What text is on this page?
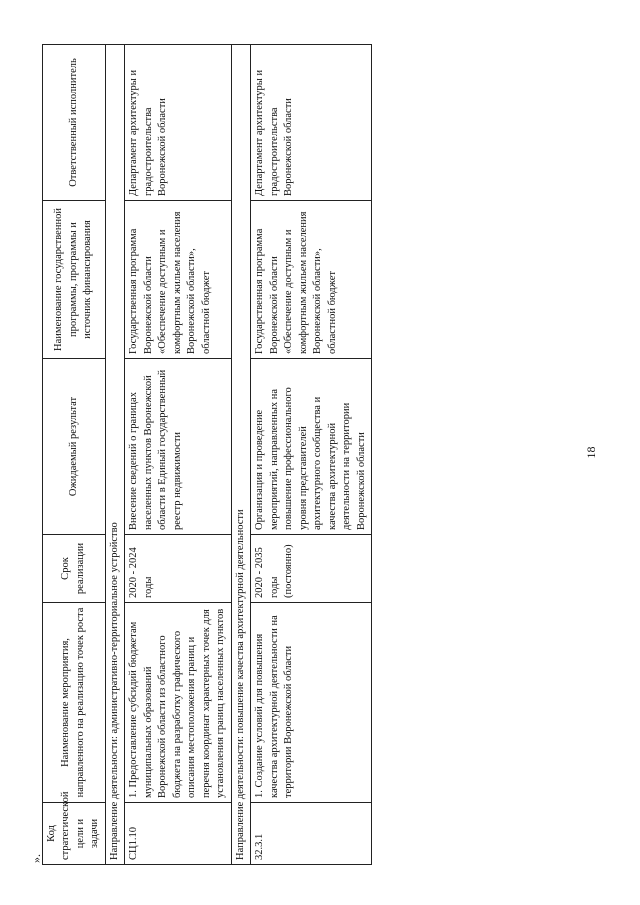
».
Код стратегической цели и задачи	Наименование мероприятия, направленного на реализацию точек роста	Срок реализации	Ожидаемый результат	Наименование государственной программы, программы и источник финансирования	Ответственный исполнитель
Направление деятельности: административно-территориальное устройство					
СЦ1.10	1. Предоставление субсидий бюджетам муниципальных образований Воронежской области из областного бюджета на разработку графического описания местоположения границ и перечня координат характерных точек для установления границ населенных пунктов	2020 - 2024 годы	Внесение сведений о границах населенных пунктов Воронежской области в Единый государственный реестр недвижимости	Государственная программа Воронежской области «Обеспечение доступным и комфортным жильем населения Воронежской области», областной бюджет	Департамент архитектуры и градостроительства Воронежской области
Направление деятельности: повышение качества архитектурной деятельности					
32.3.1	1. Создание условий для повышения качества архитектурной деятельности на территории Воронежской области	2020 - 2035 годы (постоянно)	Организация и проведение мероприятий, направленных на повышение профессионального уровня представителей архитектурного сообщества и качества архитектурной деятельности на территории Воронежской области	Государственная программа Воронежской области «Обеспечение доступным и комфортным жильем населения Воронежской области», областной бюджет	Департамент архитектуры и градостроительства Воронежской области
18
